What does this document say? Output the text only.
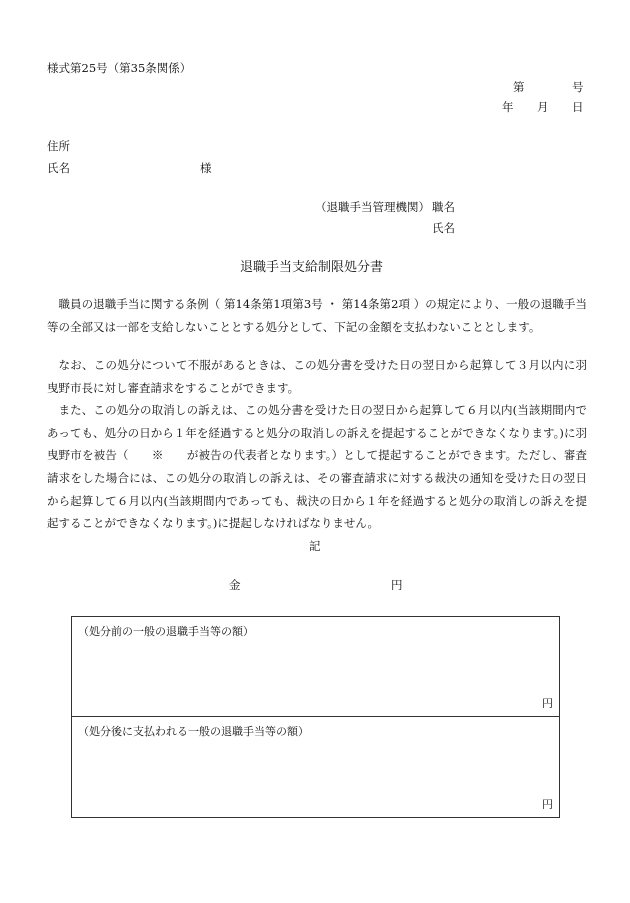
様式第25号（第35条関係）
第	号
年 月 日
住所
氏名	様
（退職手当管理機関） 職名
氏名
退職手当支給制限処分書

職員の退職手当に関する条例（ 第14条第1項第3号 ・ 第14条第2項 ）の規定により、一般の退職手当等の全部又は一部を支給しないこととする処分として、下記の金額を支払わないこととします。

なお、この処分について不服があるときは、この処分書を受けた日の翌日から起算して３月以内に羽曳野市長に対し審査請求をすることができます。

また、この処分の取消しの訴えは、この処分書を受けた日の翌日から起算して６月以内(当該期間内であっても、処分の日から１年を経過すると処分の取消しの訴えを提起することができなくなります。)に羽曳野市を被告（　　※　　が被告の代表者となります。）として提起することができます。ただし、審査請求をした場合には、この処分の取消しの訴えは、その審査請求に対する裁決の通知を受けた日の翌日から起算して６月以内(当該期間内であっても、裁決の日から１年を経過すると処分の取消しの訴えを提起することができなくなります。)に提起しなければなりません。

記
金	円
（処分前の一般の退職手当等の額）
円
（処分後に支払われる一般の退職手当等の額）
円
